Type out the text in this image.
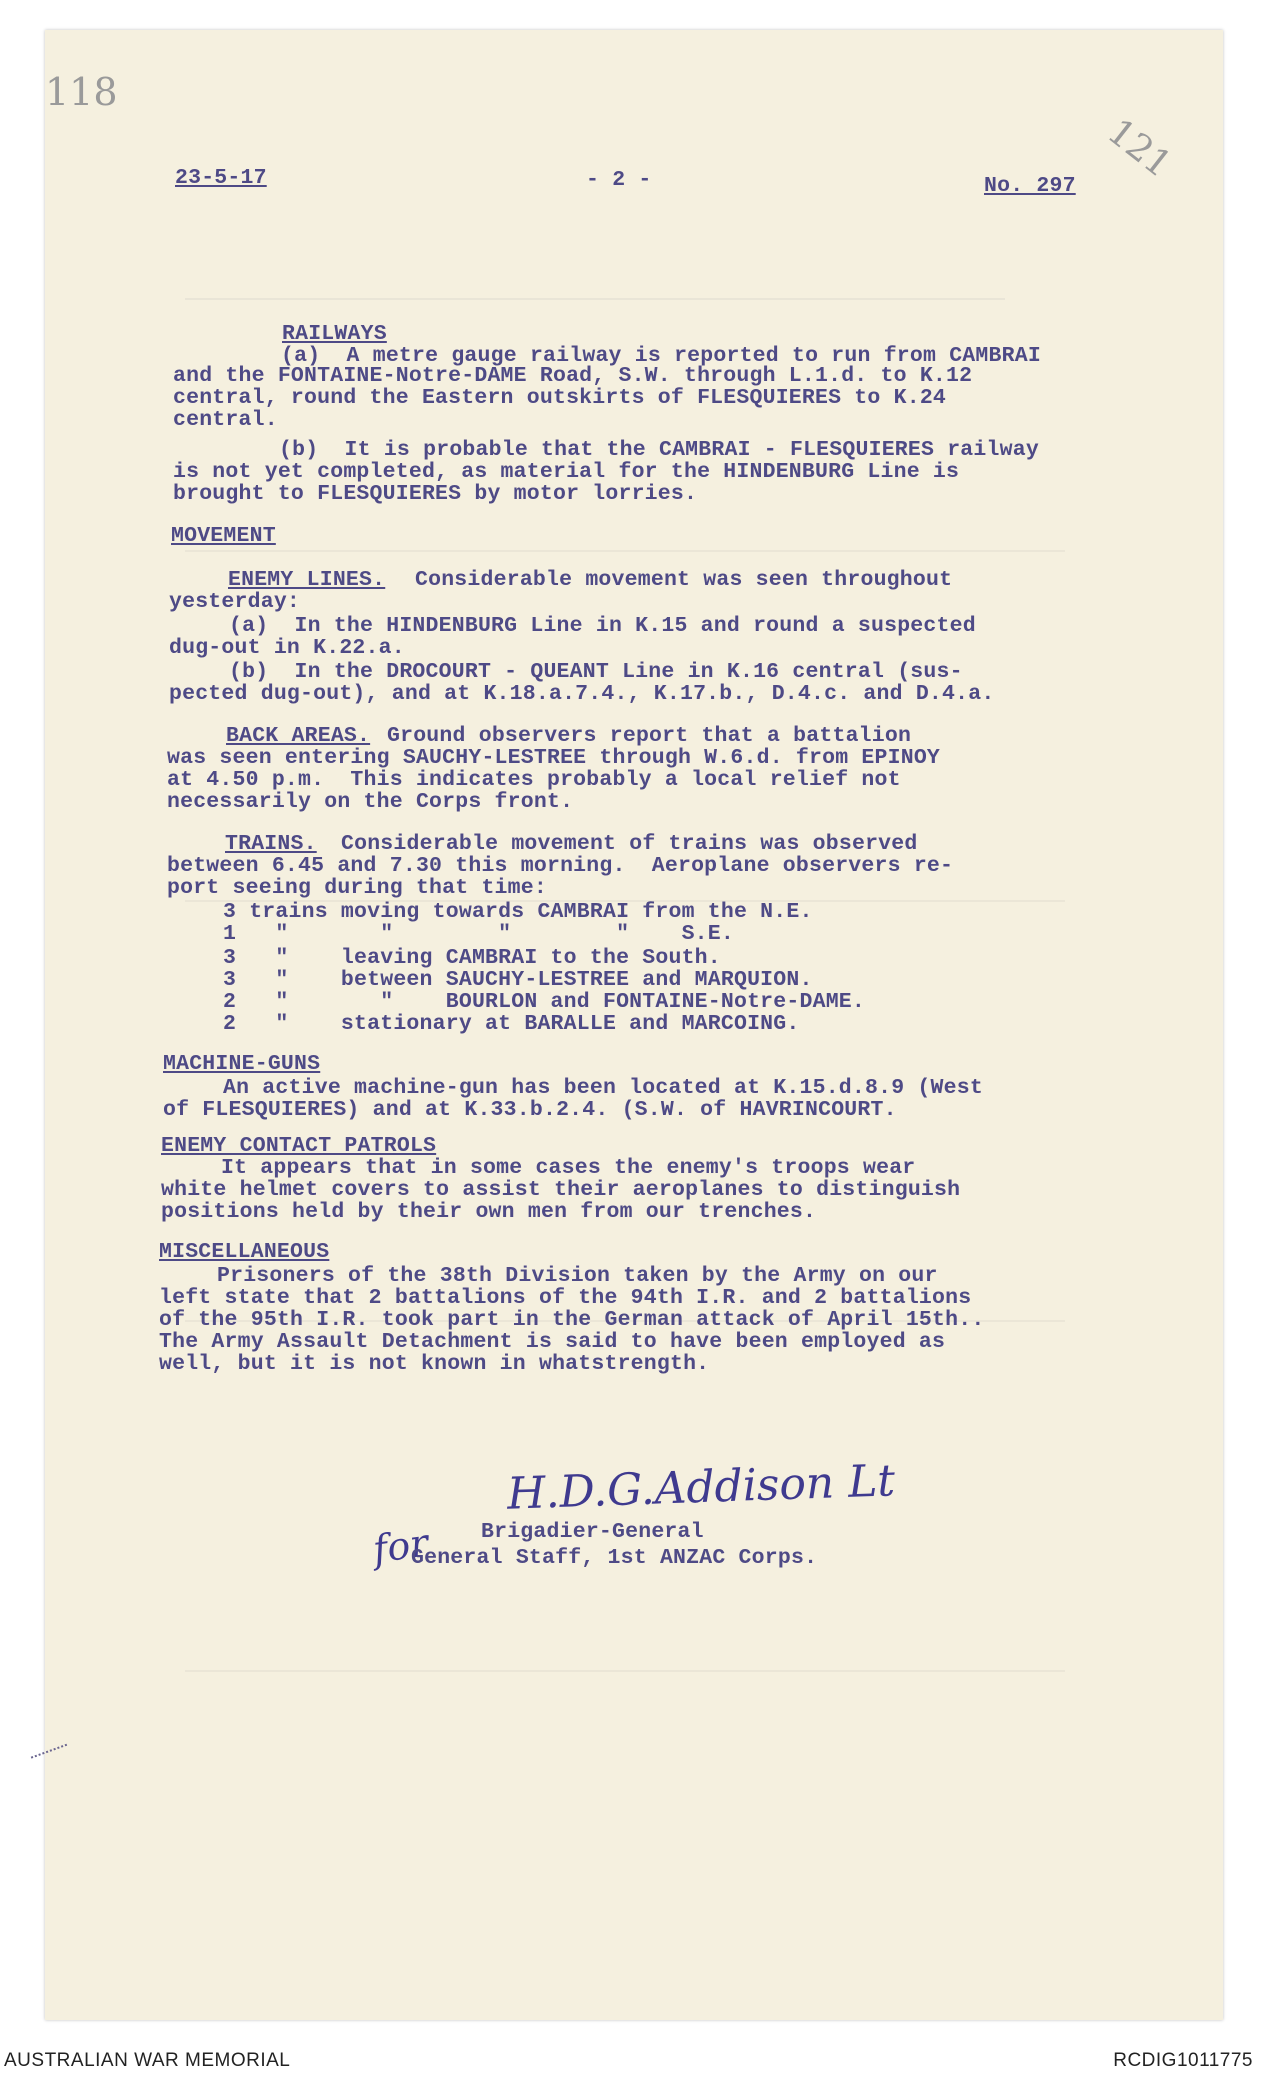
118
121
23-5-17	- 2 -	No. 297
RAILWAYS
(a)  A metre gauge railway is reported to run from CAMBRAI
and the FONTAINE-Notre-DAME Road, S.W. through L.1.d. to K.12
central, round the Eastern outskirts of FLESQUIERES to K.24
central.
(b)  It is probable that the CAMBRAI - FLESQUIERES railway
is not yet completed, as material for the HINDENBURG Line is
brought to FLESQUIERES by motor lorries.
MOVEMENT
ENEMY LINES. Considerable movement was seen throughout
yesterday:
(a)  In the HINDENBURG Line in K.15 and round a suspected
dug-out in K.22.a.
(b)  In the DROCOURT - QUEANT Line in K.16 central (sus-
pected dug-out), and at K.18.a.7.4., K.17.b., D.4.c. and D.4.a.
BACK AREAS. Ground observers report that a battalion
was seen entering SAUCHY-LESTREE through W.6.d. from EPINOY
at 4.50 p.m.  This indicates probably a local relief not
necessarily on the Corps front.
TRAINS. Considerable movement of trains was observed
between 6.45 and 7.30 this morning.  Aeroplane observers re-
port seeing during that time:
3 trains moving towards CAMBRAI from the N.E.
1   "       "        "        "    S.E.
3   "    leaving CAMBRAI to the South.
3   "    between SAUCHY-LESTREE and MARQUION.
2   "       "    BOURLON and FONTAINE-Notre-DAME.
2   "    stationary at BARALLE and MARCOING.
MACHINE-GUNS
An active machine-gun has been located at K.15.d.8.9 (West
of FLESQUIERES) and at K.33.b.2.4. (S.W. of HAVRINCOURT.
ENEMY CONTACT PATROLS
It appears that in some cases the enemy's troops wear
white helmet covers to assist their aeroplanes to distinguish
positions held by their own men from our trenches.
MISCELLANEOUS
Prisoners of the 38th Division taken by the Army on our
left state that 2 battalions of the 94th I.R. and 2 battalions
of the 95th I.R. took part in the German attack of April 15th..
The Army Assault Detachment is said to have been employed as
well, but it is not known in whatstrength.
H.D.G.Addison Lt
for Brigadier-General
General Staff, 1st ANZAC Corps.
AUSTRALIAN WAR MEMORIAL	RCDIG1011775
